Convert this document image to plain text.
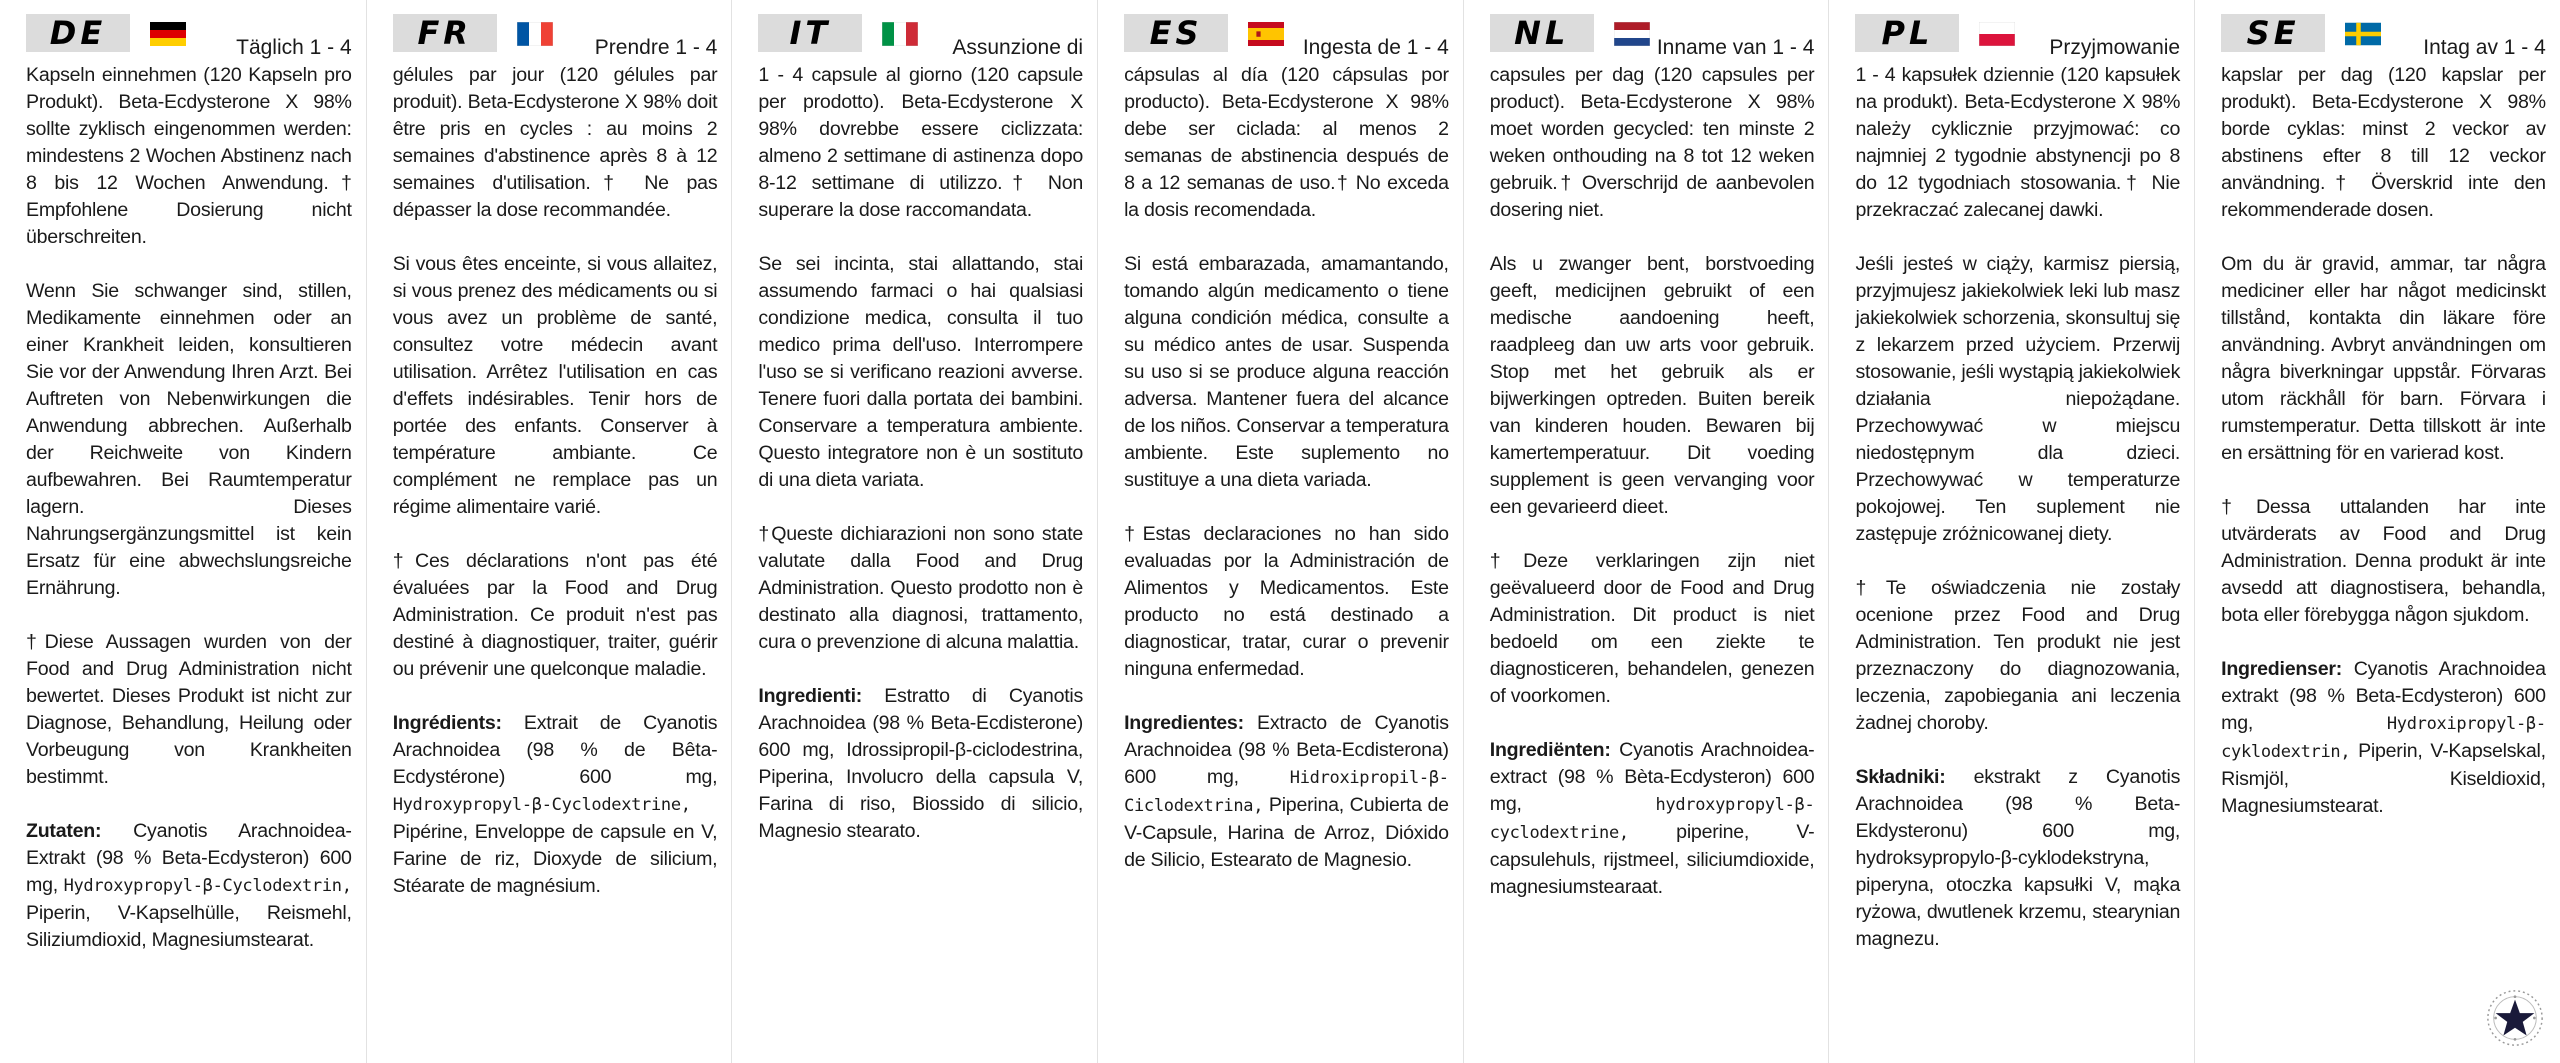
DE	Täglich 1 - 4

Kapseln einnehmen (120 Kapseln pro Produkt). Beta-Ecdysterone X 98% sollte zyklisch eingenommen werden: mindestens 2 Wochen Abstinenz nach 8 bis 12 Wochen Anwendung.† Empfohlene Dosierung nicht überschreiten.

Wenn Sie schwanger sind, stillen, Medikamente einnehmen oder an einer Krankheit leiden, konsultieren Sie vor der Anwendung Ihren Arzt. Bei Auftreten von Nebenwirkungen die Anwendung abbrechen. Außerhalb der Reichweite von Kindern aufbewahren. Bei Raumtemperatur lagern. Dieses Nahrungsergänzungsmittel ist kein Ersatz für eine abwechslungsreiche Ernährung.

†Diese Aussagen wurden von der Food and Drug Administration nicht bewertet. Dieses Produkt ist nicht zur Diagnose, Behandlung, Heilung oder Vorbeugung von Krankheiten bestimmt.

Zutaten: Cyanotis Arachnoidea-Extrakt (98 % Beta-Ecdysteron) 600 mg, Hydroxypropyl-β-Cyclodextrin, Piperin, V-Kapselhülle, Reismehl, Siliziumdioxid, Magnesiumstearat.

FR	Prendre 1 - 4

gélules par jour (120 gélules par produit). Beta-Ecdysterone X 98% doit être pris en cycles : au moins 2 semaines d'abstinence après 8 à 12 semaines d'utilisation.† Ne pas dépasser la dose recommandée.

Si vous êtes enceinte, si vous allaitez, si vous prenez des médicaments ou si vous avez un problème de santé, consultez votre médecin avant utilisation. Arrêtez l'utilisation en cas d'effets indésirables. Tenir hors de portée des enfants. Conserver à température ambiante. Ce complément ne remplace pas un régime alimentaire varié.

†Ces déclarations n'ont pas été évaluées par la Food and Drug Administration. Ce produit n'est pas destiné à diagnostiquer, traiter, guérir ou prévenir une quelconque maladie.

Ingrédients: Extrait de Cyanotis Arachnoidea (98 % de Bêta-Ecdystérone) 600 mg, Hydroxypropyl-β-Cyclodextrine, Pipérine, Enveloppe de capsule en V, Farine de riz, Dioxyde de silicium, Stéarate de magnésium.

IT	Assunzione di

1 - 4 capsule al giorno (120 capsule per prodotto). Beta-Ecdysterone X 98% dovrebbe essere ciclizzata: almeno 2 settimane di astinenza dopo 8-12 settimane di utilizzo.† Non superare la dose raccomandata.

Se sei incinta, stai allattando, stai assumendo farmaci o hai qualsiasi condizione medica, consulta il tuo medico prima dell'uso. Interrompere l'uso se si verificano reazioni avverse. Tenere fuori dalla portata dei bambini. Conservare a temperatura ambiente. Questo integratore non è un sostituto di una dieta variata.

†Queste dichiarazioni non sono state valutate dalla Food and Drug Administration. Questo prodotto non è destinato alla diagnosi, trattamento, cura o prevenzione di alcuna malattia.

Ingredienti: Estratto di Cyanotis Arachnoidea (98 % Beta-Ecdisterone) 600 mg, Idrossipropil-β-ciclodestrina, Piperina, Involucro della capsula V, Farina di riso, Biossido di silicio, Magnesio stearato.

ES	Ingesta de 1 - 4

cápsulas al día (120 cápsulas por producto). Beta-Ecdysterone X 98% debe ser ciclada: al menos 2 semanas de abstinencia después de 8 a 12 semanas de uso.† No exceda la dosis recomendada.

Si está embarazada, amamantando, tomando algún medicamento o tiene alguna condición médica, consulte a su médico antes de usar. Suspenda su uso si se produce alguna reacción adversa. Mantener fuera del alcance de los niños. Conservar a temperatura ambiente. Este suplemento no sustituye a una dieta variada.

†Estas declaraciones no han sido evaluadas por la Administración de Alimentos y Medicamentos. Este producto no está destinado a diagnosticar, tratar, curar o prevenir ninguna enfermedad.

Ingredientes: Extracto de Cyanotis Arachnoidea (98 % Beta-Ecdisterona) 600 mg,	Hidroxipropil-β-Ciclodextrina, Piperina, Cubierta de V-Capsule, Harina de Arroz, Dióxido de Silicio, Estearato de Magnesio.

NL	Inname van 1 - 4

capsules per dag (120 capsules per product). Beta-Ecdysterone X 98% moet worden gecycled: ten minste 2 weken onthouding na 8 tot 12 weken gebruik.† Overschrijd de aanbevolen dosering niet.

Als u zwanger bent, borstvoeding geeft, medicijnen gebruikt of een medische aandoening heeft, raadpleeg dan uw arts voor gebruik. Stop met het gebruik als er bijwerkingen optreden. Buiten bereik van kinderen houden. Bewaren bij kamertemperatuur. Dit voeding supplement is geen vervanging voor een gevarieerd dieet.

†Deze verklaringen zijn niet geëvalueerd door de Food and Drug Administration. Dit product is niet bedoeld om een ziekte te diagnosticeren, behandelen, genezen of voorkomen.

Ingrediënten: Cyanotis Arachnoidea-extract (98 % Bèta-Ecdysteron) 600 mg,	hydroxypropyl-β-cyclodextrine, piperine, V-capsulehuls, rijstmeel, siliciumdioxide, magnesiumstearaat.

PL	Przyjmowanie

1 - 4 kapsułek dziennie (120 kapsułek na produkt). Beta-Ecdysterone X 98% należy cyklicznie przyjmować: co najmniej 2 tygodnie abstynencji po 8 do 12 tygodniach stosowania.† Nie przekraczać zalecanej dawki.

Jeśli jesteś w ciąży, karmisz piersią, przyjmujesz jakiekolwiek leki lub masz jakiekolwiek schorzenia, skonsultuj się z lekarzem przed użyciem. Przerwij stosowanie, jeśli wystąpią jakiekolwiek działania niepożądane. Przechowywać w miejscu niedostępnym dla dzieci. Przechowywać w temperaturze pokojowej. Ten suplement nie zastępuje zróżnicowanej diety.

†Te oświadczenia nie zostały ocenione przez Food and Drug Administration. Ten produkt nie jest przeznaczony do diagnozowania, leczenia, zapobiegania ani leczenia żadnej choroby.

Składniki: ekstrakt z Cyanotis Arachnoidea (98 % Beta-Ekdysteronu) 600 mg, hydroksypropylo-β-cyklodekstryna, piperyna, otoczka kapsułki V, mąka ryżowa, dwutlenek krzemu, stearynian magnezu.

SE	Intag av 1 - 4

kapslar per dag (120 kapslar per produkt). Beta-Ecdysterone X 98% borde cyklas: minst 2 veckor av abstinens efter 8 till 12 veckor användning.† Överskrid inte den rekommenderade dosen.

Om du är gravid, ammar, tar några mediciner eller har något medicinskt tillstånd, kontakta din läkare före användning. Avbryt användningen om några biverkningar uppstår. Förvaras utom räckhåll för barn. Förvara i rumstemperatur. Detta tillskott är inte en ersättning för en varierad kost.

†Dessa uttalanden har inte utvärderats av Food and Drug Administration. Denna produkt är inte avsedd att diagnostisera, behandla, bota eller förebygga någon sjukdom.

Ingredienser: Cyanotis Arachnoidea extrakt (98 % Beta-Ecdysteron) 600 mg,	Hydroxipropyl-β-cyklodextrin, Piperin, V-Kapselskal, Rismjöl, Kiseldioxid, Magnesiumstearat.
